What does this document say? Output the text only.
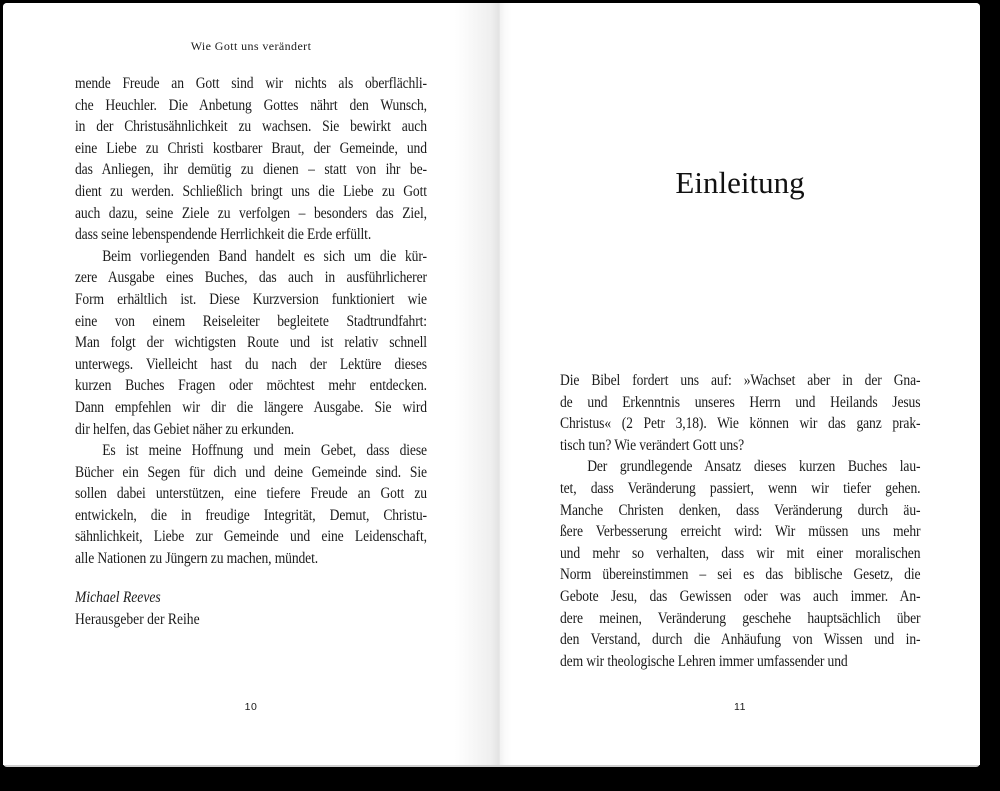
Wie Gott uns verändert
mende Freude an Gott sind wir nichts als oberflächli-
che Heuchler. Die Anbetung Gottes nährt den Wunsch,
in der Christusähnlichkeit zu wachsen. Sie bewirkt auch
eine Liebe zu Christi kostbarer Braut, der Gemeinde, und
das Anliegen, ihr demütig zu dienen – statt von ihr be-
dient zu werden. Schließlich bringt uns die Liebe zu Gott
auch dazu, seine Ziele zu verfolgen – besonders das Ziel,
dass seine lebenspendende Herrlichkeit die Erde erfüllt.
Beim vorliegenden Band handelt es sich um die kür-
zere Ausgabe eines Buches, das auch in ausführlicherer
Form erhältlich ist. Diese Kurzversion funktioniert wie
eine von einem Reiseleiter begleitete Stadtrundfahrt:
Man folgt der wichtigsten Route und ist relativ schnell
unterwegs. Vielleicht hast du nach der Lektüre dieses
kurzen Buches Fragen oder möchtest mehr entdecken.
Dann empfehlen wir dir die längere Ausgabe. Sie wird
dir helfen, das Gebiet näher zu erkunden.
Es ist meine Hoffnung und mein Gebet, dass diese
Bücher ein Segen für dich und deine Gemeinde sind. Sie
sollen dabei unterstützen, eine tiefere Freude an Gott zu
entwickeln, die in freudige Integrität, Demut, Christu-
sähnlichkeit, Liebe zur Gemeinde und eine Leidenschaft,
alle Nationen zu Jüngern zu machen, mündet.
Michael Reeves
Herausgeber der Reihe
10
Einleitung
Die Bibel fordert uns auf: »Wachset aber in der Gna-
de und Erkenntnis unseres Herrn und Heilands Jesus
Christus« (2 Petr 3,18). Wie können wir das ganz prak-
tisch tun? Wie verändert Gott uns?
Der grundlegende Ansatz dieses kurzen Buches lau-
tet, dass Veränderung passiert, wenn wir tiefer gehen.
Manche Christen denken, dass Veränderung durch äu-
ßere Verbesserung erreicht wird: Wir müssen uns mehr
und mehr so verhalten, dass wir mit einer moralischen
Norm übereinstimmen – sei es das biblische Gesetz, die
Gebote Jesu, das Gewissen oder was auch immer. An-
dere meinen, Veränderung geschehe hauptsächlich über
den Verstand, durch die Anhäufung von Wissen und in-
dem wir theologische Lehren immer umfassender und
11
